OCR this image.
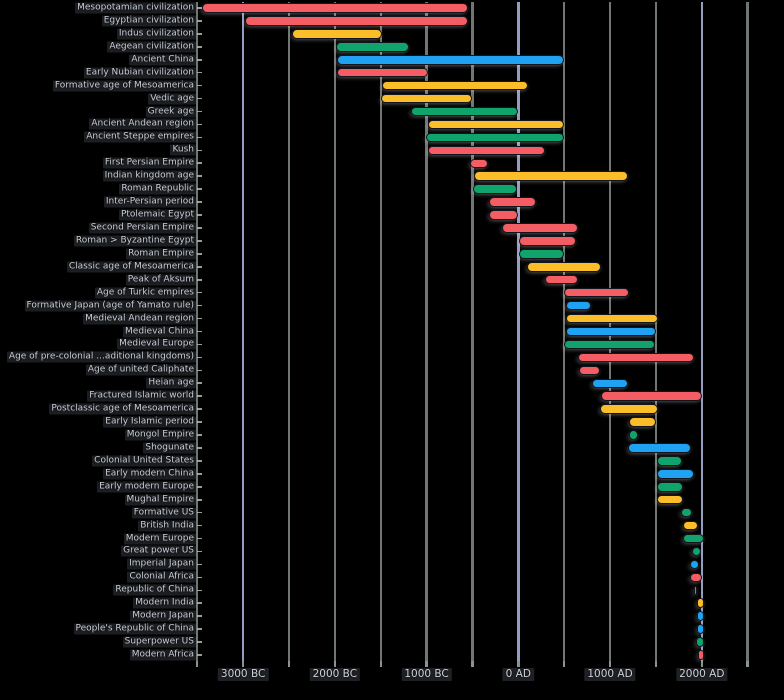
3000 BC	2000 BC	1000 BC	0 AD	1000 AD	2000 AD
Mesopotamian civilization
Egyptian civilization
Indus civilization
Aegean civilization
Ancient China
Early Nubian civilization
Formative age of Mesoamerica
Vedic age
Greek age
Ancient Andean region
Ancient Steppe empires
Kush
First Persian Empire
Indian kingdom age
Roman Republic
Inter-Persian period
Ptolemaic Egypt
Second Persian Empire
Roman > Byzantine Egypt
Roman Empire
Classic age of Mesoamerica
Peak of Aksum
Age of Turkic empires
Formative Japan (age of Yamato rule)
Medieval Andean region
Medieval China
Medieval Europe
Age of pre-colonial ...aditional kingdoms)
Age of united Caliphate
Heian age
Fractured Islamic world
Postclassic age of Mesoamerica
Early Islamic period
Mongol Empire
Shogunate
Colonial United States
Early modern China
Early modern Europe
Mughal Empire
Formative US
British India
Modern Europe
Great power US
Imperial Japan
Colonial Africa
Republic of China
Modern India
Modern Japan
People's Republic of China
Superpower US
Modern Africa
